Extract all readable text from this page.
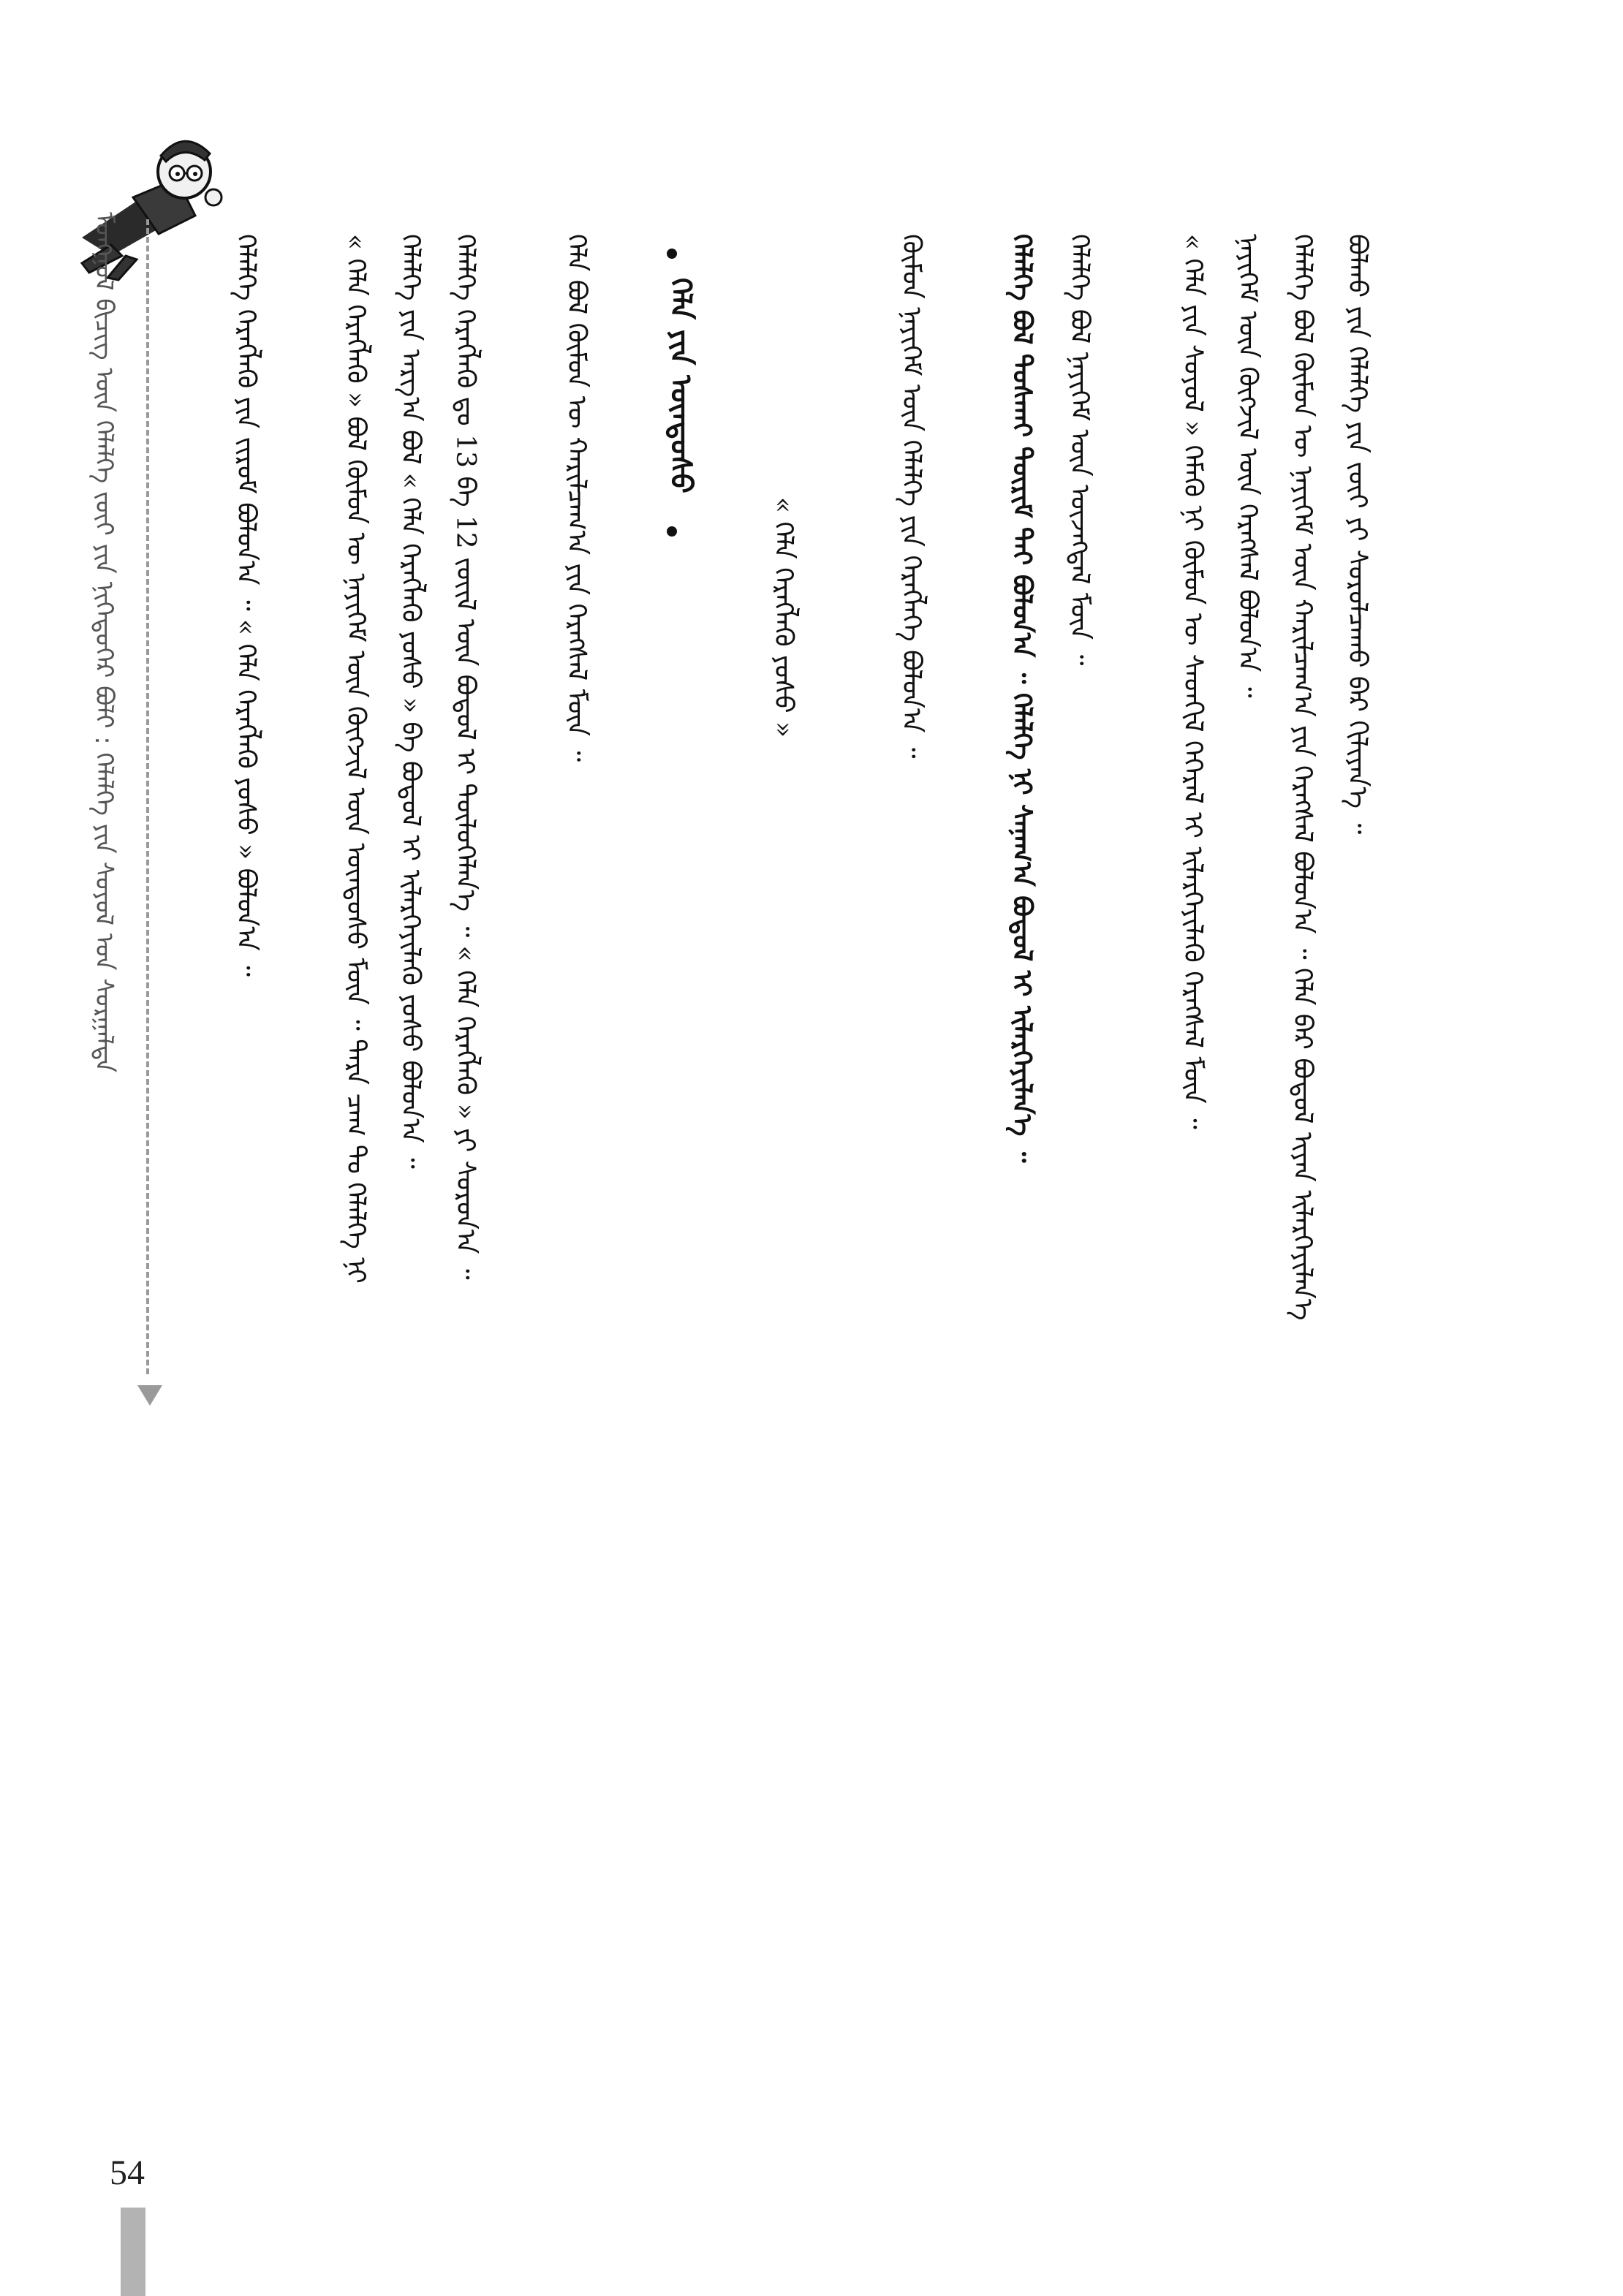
ᠮᠣᠩᠭᠣᠯ ᠪᠢᠴᠢᠭ᠌ ᠦᠨ ᠬᠡᠯᠡᠯᠭᠡ ᠵᠦᠢ ᠶᠢᠨ ᠨᠢᠭᠡᠳᠦᠭᠡᠷ ᠪᠣᠯᠢ : ᠬᠡᠯᠡᠯᠭᠡ ᠶᠢᠨ ᠰᠣᠶᠣᠯ ᠤᠨ ᠰᠤᠷᠭᠠᠯᠲᠠ	ᠪᠣᠯᠬᠤ ᠶᠢᠨ ᠬᠡᠯᠡᠯᠭᠡ ᠶᠢᠨ ᠵᠦᠢ ᠶᠢ ᠰᠤᠷᠤᠯᠴᠠᠬᠤ ᠪᠠᠷ ᠬᠢᠯᠢᠶᠡᠨ᠎ᠡ ᠃
ᠬᠡᠯᠡᠯᠭᠡ ᠪᠤᠯ ᠬᠦᠮᠦᠨ ᠦ ᠨᠡᠶᠢᠭᠡᠮ ᠦᠨ ᠬᠠᠷᠢᠯᠴᠠᠭ᠎ᠠ ᠶᠢᠨ ᠬᠡᠷᠡᠭᠰᠡᠯ ᠪᠣᠯᠤᠨ᠎ᠠ ᠃ ᠬᠡᠯᠡ ᠪᠠᠷ ᠪᠣᠳᠤᠯ ᠢᠶᠡᠨ ᠢᠯᠡᠷᠬᠡᠶᠢᠯᠡᠨ᠎ᠡ
ᠨᠡᠶᠢᠭᠡᠮ ᠦᠨ ᠬᠥᠭᠵᠢᠯ ᠦᠨ ᠬᠡᠷᠡᠭᠰᠡᠯ ᠪᠣᠯᠤᠨ᠎ᠠ ᠃
« ᠬᠡᠯᠡ ᠶᠢᠨ ᠰᠣᠶᠣᠯ » ᠬᠡᠮᠡᠬᠦ ᠨᠢ ᠬᠦᠮᠦᠨ ᠦ ᠰᠡᠳᠬᠢᠯ ᠭᠡᠭᠡᠷᠡᠯ ᠢ ᠢᠯᠡᠷᠬᠡᠶᠢᠯᠡᠬᠦ ᠬᠡᠷᠡᠭᠰᠡᠯ ᠮᠥᠨ ᠃
ᠬᠡᠯᠡᠯᠭᠡ ᠪᠣᠯ ᠨᠡᠶᠢᠭᠡᠮ ᠦᠨ ᠦᠵᠡᠭᠳᠡᠯ ᠮᠥᠨ ᠃
ᠬᠡᠯᠡᠯᠭᠡ ᠪᠤᠯ ᠲᠤᠰᠬᠠᠶ ᠳᠦᠷᠢᠮ ᠲᠡᠢ ᠪᠣᠯᠤᠨ᠎ᠠ ᠃ ᠬᠡᠯᠡᠯᠭᠡ ᠨᠢ ᠰᠠᠨᠠᠭ᠎ᠠ ᠪᠣᠳᠤᠯ ᠢ ᠢᠯᠡᠷᠬᠡᠶᠢᠯᠡᠨ᠎ᠡ ᠃
ᠬᠦᠮᠦᠨ ᠨᠡᠶᠢᠭᠡᠮ ᠦᠨ ᠬᠡᠯᠡᠯᠭᠡ ᠶᠢᠨ ᠬᠡᠷᠡᠭᠯᠡᠭᠡ ᠪᠣᠯᠤᠨ᠎ᠠ ᠃
« ᠬᠡᠯᠡ ᠬᠡᠷᠡᠭᠯᠡᠬᠦ ᠶᠣᠰᠣ »
ᠬᠡᠯᠡ ᠶᠢᠨ ᠦᠨᠳᠦᠰᠦ
ᠬᠡᠯᠡ ᠪᠣᠯ ᠬᠦᠮᠦᠨ ᠦ ᠬᠠᠷᠢᠯᠴᠠᠭ᠎ᠠ ᠶᠢᠨ ᠬᠡᠷᠡᠭᠰᠡᠯ ᠮᠥᠨ ᠃
ᠬᠡᠯᠡᠯᠭᠡ ᠬᠡᠷᠡᠭᠯᠡᠬᠦ ᠳᠤ 13 ᠪᠠ 12 ᠵᠦᠢᠯ ᠦᠨ ᠪᠣᠳᠤᠯ ᠢ ᠲᠥᠯᠥᠭᠡᠯᠡᠨ᠎ᠡ ᠃ « ᠬᠡᠯᠡ ᠬᠡᠷᠡᠭᠯᠡᠬᠦ » ᠶᠢ ᠰᠤᠷᠤᠨ᠎ᠠ ᠃
ᠬᠡᠯᠡᠯᠭᠡ ᠶᠢᠨ ᠠᠷᠭ᠎ᠠ ᠪᠣᠯ « ᠬᠡᠯᠡ ᠬᠡᠷᠡᠭᠯᠡᠬᠦ ᠶᠣᠰᠣ » ᠪᠠ ᠪᠣᠳᠤᠯ ᠢ ᠢᠯᠡᠷᠬᠡᠶᠢᠯᠡᠬᠦ ᠶᠣᠰᠣ ᠪᠣᠯᠤᠨ᠎ᠠ ᠃
« ᠬᠡᠯᠡ ᠬᠡᠷᠡᠭᠯᠡᠬᠦ » ᠪᠣᠯ ᠬᠦᠮᠦᠨ ᠦ ᠨᠡᠶᠢᠭᠡᠮ ᠦᠨ ᠬᠥᠭᠵᠢᠯ ᠦᠨ ᠦᠨᠳᠦᠰᠦ ᠮᠥᠨ ᠃ ᠲᠡᠷᠡ ᠴᠠᠭ ᠲᠤ ᠬᠡᠯᠡᠯᠭᠡ ᠨᠢ
ᠬᠡᠯᠡᠯᠭᠡ ᠬᠡᠷᠡᠭᠯᠡᠬᠦ ᠶᠢᠨ ᠵᠢᠷᠤᠮ ᠪᠣᠯᠤᠨ᠎ᠠ ᠃ « ᠬᠡᠯᠡ ᠬᠡᠷᠡᠭᠯᠡᠬᠦ ᠶᠣᠰᠣ » ᠪᠣᠯᠤᠨ᠎ᠠ ᠃
54
